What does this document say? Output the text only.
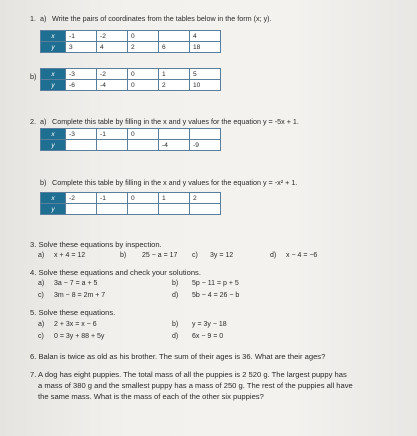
1. a) Write the pairs of coordinates from the tables below in the form (x; y).
x	-1	-2	0		4
y	3	4	2	6	18
b) x	-3	-2	0	1	5
y	-6	-4	0	2	10
2. a) Complete this table by filling in the x and y values for the equation y = -5x + 1.
x	-3	-1	0		
y				-4	-9
b) Complete this table by filling in the x and y values for the equation y = -x² + 1.
x	-2	-1	0	1	2
y					
3. Solve these equations by inspection.
a) x + 4 = 12	b) 25 − a = 17 c) 3y = 12	d) x − 4 = −6
4. Solve these equations and check your solutions.
a) 3a − 7 = a + 5	b) 5p − 11 = p + 5
c) 3m − 8 = 2m + 7	d) 5b − 4 = 26 − b
5. Solve these equations.
a) 2 + 3x = x − 6	b) y = 3y − 18
c) 0 = 3y + 88 + 5y	d) 6x − 9 = 0
6. Balan is twice as old as his brother. The sum of their ages is 36. What are their ages?
7. A dog has eight puppies. The total mass of all the puppies is 2 520 g. The largest puppy has
a mass of 380 g and the smallest puppy has a mass of 250 g. The rest of the puppies all have
the same mass. What is the mass of each of the other six puppies?
